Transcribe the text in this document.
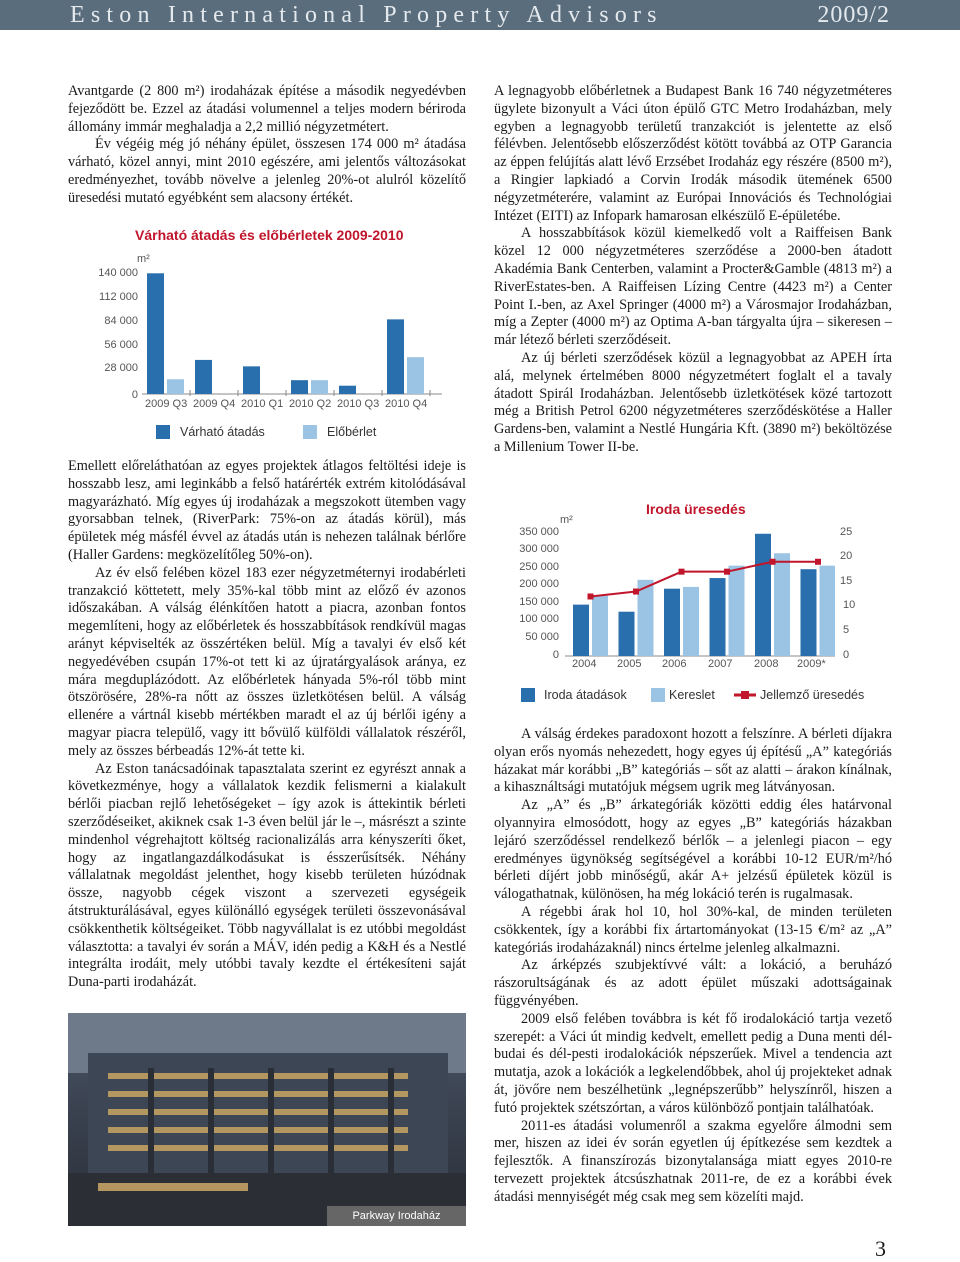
Eston International Property Advisors	2009/2

Avantgarde (2 800 m²) irodaházak építése a második negyedévben fejeződött be. Ezzel az átadási volumennel a teljes modern bériroda állomány immár meghaladja a 2,2 millió négyzetmétert.

Év végéig még jó néhány épület, összesen 174 000 m² átadása várható, közel annyi, mint 2010 egészére, ami jelentős változásokat eredményezhet, tovább növelve a jelenleg 20%-ot alulról közelítő üresedési mutató egyébként sem alacsony értékét.

Várható átadás és előbérletek 2009-2010
m²
140 000
112 000
84 000
56 000
28 000
0
2009 Q3 2009 Q4 2010 Q1 2010 Q2 2010 Q3 2010 Q4
Várható átadás	Előbérlet

Emellett előreláthatóan az egyes projektek átlagos feltöltési ideje is hosszabb lesz, ami leginkább a felső határérték extrém kitolódásával magyarázható. Míg egyes új irodaházak a megszokott ütemben vagy gyorsabban telnek, (RiverPark: 75%-on az átadás körül), más épületek még másfél évvel az átadás után is nehezen találnak bérlőre (Haller Gardens: megközelítőleg 50%-on).

Az év első felében közel 183 ezer négyzetméternyi irodabérleti tranzakció köttetett, mely 35%-kal több mint az előző év azonos időszakában. A válság élénkítően hatott a piacra, azonban fontos megemlíteni, hogy az előbérletek és hosszabbítások rendkívül magas arányt képviselték az összértéken belül. Míg a tavalyi év első két negyedévében csupán 17%-ot tett ki az újratárgyalások aránya, ez mára megduplázódott. Az előbérletek hányada 5%-ról több mint ötszörösére, 28%-ra nőtt az összes üzletkötésen belül. A válság ellenére a vártnál kisebb mértékben maradt el az új bérlői igény a magyar piacra települő, vagy itt bővülő külföldi vállalatok részéről, mely az összes bérbeadás 12%-át tette ki.

Az Eston tanácsadóinak tapasztalata szerint ez egyrészt annak a következménye, hogy a vállalatok kezdik felismerni a kialakult bérlői piacban rejlő lehetőségeket – így azok is áttekintik bérleti szerződéseiket, akiknek csak 1-3 éven belül jár le –, másrészt a szinte mindenhol végrehajtott költség racionalizálás arra kényszeríti őket, hogy az ingatlangazdálkodásukat is ésszerűsítsék. Néhány vállalatnak megoldást jelenthet, hogy kisebb területen húzódnak össze, nagyobb cégek viszont a szervezeti egységeik átstrukturálásával, egyes különálló egységek területi összevonásával csökkenthetik költségeiket. Több nagyvállalat is ez utóbbi megoldást választotta: a tavalyi év során a MÁV, idén pedig a K&H és a Nestlé integrálta irodáit, mely utóbbi tavaly kezdte el értékesíteni saját Duna-parti irodaházát.

Parkway Irodaház

A legnagyobb előbérletnek a Budapest Bank 16 740 négyzetméteres ügylete bizonyult a Váci úton épülő GTC Metro Irodaházban, mely egyben a legnagyobb területű tranzakciót is jelentette az első félévben. Jelentősebb előszerződést kötött továbbá az OTP Garancia az éppen felújítás alatt lévő Erzsébet Irodaház egy részére (8500 m²), a Ringier lapkiadó a Corvin Irodák második ütemének 6500 négyzetméterére, valamint az Európai Innovációs és Technológiai Intézet (EITI) az Infopark hamarosan elkészülő E-épületébe.

A hosszabbítások közül kiemelkedő volt a Raiffeisen Bank közel 12 000 négyzetméteres szerződése a 2000-ben átadott Akadémia Bank Centerben, valamint a Procter&Gamble (4813 m²) a RiverEstates-ben. A Raiffeisen Lízing Centre (4423 m²) a Center Point I.-ben, az Axel Springer (4000 m²) a Városmajor Irodaházban, míg a Zepter (4000 m²) az Optima A-ban tárgyalta újra – sikeresen – már létező bérleti szerződéseit.

Az új bérleti szerződések közül a legnagyobbat az APEH írta alá, melynek értelmében 8000 négyzetmétert foglalt el a tavaly átadott Spirál Irodaházban. Jelentősebb üzletkötések közé tartozott még a British Petrol 6200 négyzetméteres szerződéskötése a Haller Gardens-ben, valamint a Nestlé Hungária Kft. (3890 m²) beköltözése a Millenium Tower II-be.

Iroda üresedés
m²
350 000
300 000
250 000
200 000
150 000
100 000
50 000
0
25
20
15
10
5
0
2004 2005 2006 2007 2008 2009*
Iroda átadások	Kereslet	Jellemző üresedés

A válság érdekes paradoxont hozott a felszínre. A bérleti díjakra olyan erős nyomás nehezedett, hogy egyes új építésű „A” kategóriás házakat már korábbi „B” kategóriás – sőt az alatti – árakon kínálnak, a kihasználtsági mutatójuk mégsem ugrik meg látványosan.

Az „A” és „B” árkategóriák közötti eddig éles határvonal olyannyira elmosódott, hogy az egyes „B” kategóriás házakban lejáró szerződéssel rendelkező bérlők – a jelenlegi piacon – egy eredményes ügynökség segítségével a korábbi 10-12 EUR/m²/hó bérleti díjért jobb minőségű, akár A+ jelzésű épületek közül is válogathatnak, különösen, ha még lokáció terén is rugalmasak.

A régebbi árak hol 10, hol 30%-kal, de minden területen csökkentek, így a korábbi fix ártartományokat (13-15 €/m² az „A” kategóriás irodaházaknál) nincs értelme jelenleg alkalmazni.

Az árképzés szubjektívvé vált: a lokáció, a beruházó rászorultságának és az adott épület műszaki adottságainak függvényében.

2009 első felében továbbra is két fő irodalokáció tartja vezető szerepét: a Váci út mindig kedvelt, emellett pedig a Duna menti dél-budai és dél-pesti irodalokációk népszerűek. Mivel a tendencia azt mutatja, azok a lokációk a legkelendőbbek, ahol új projekteket adnak át, jövőre nem beszélhetünk „legnépszerűbb” helyszínről, hiszen a futó projektek szétszórtan, a város különböző pontjain találhatóak.

2011-es átadási volumenről a szakma egyelőre álmodni sem mer, hiszen az idei év során egyetlen új építkezése sem kezdtek a fejlesztők. A finanszírozás bizonytalansága miatt egyes 2010-re tervezett projektek átcsúszhatnak 2011-re, de ez a korábbi évek átadási mennyiségét még csak meg sem közelíti majd.

3
